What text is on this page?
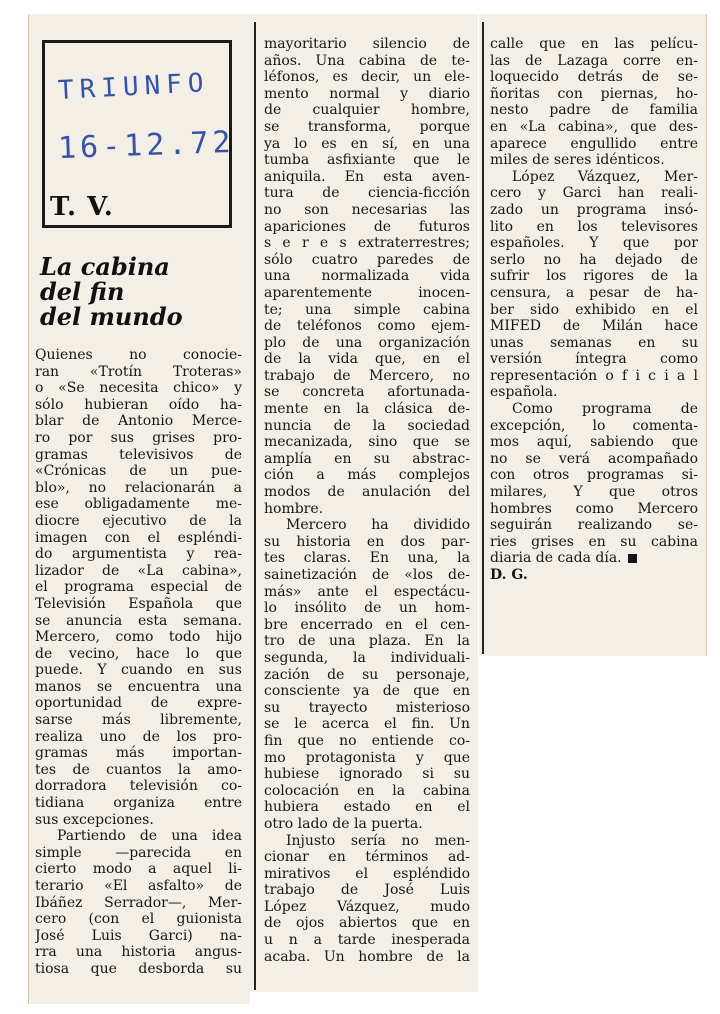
TRIUNFO
16-12.72
T. V.
La cabina
del fin
del mundo
Quienes no conocie-
ran «Trotín Troteras»
o «Se necesita chico» y
sólo hubieran oído ha-
blar de Antonio Merce-
ro por sus grises pro-
gramas televisivos de
«Crónicas de un pue-
blo», no relacionarán a
ese obligadamente me-
diocre ejecutivo de la
imagen con el espléndi-
do argumentista y rea-
lizador de «La cabina»,
el programa especial de
Televisión Española que
se anuncia esta semana.
Mercero, como todo hijo
de vecino, hace lo que
puede. Y cuando en sus
manos se encuentra una
oportunidad de expre-
sarse más libremente,
realiza uno de los pro-
gramas más importan-
tes de cuantos la amo-
dorradora televisión co-
tidiana organiza entre
sus excepciones.
Partiendo de una idea
simple —parecida en
cierto modo a aquel li-
terario «El asfalto» de
Ibáñez Serrador—, Mer-
cero (con el guionista
José Luis Garci) na-
rra una historia angus-
tiosa que desborda su
mayoritario silencio de
años. Una cabina de te-
léfonos, es decir, un ele-
mento normal y diario
de cualquier hombre,
se transforma, porque
ya lo es en sí, en una
tumba asfixiante que le
aniquila. En esta aven-
tura de ciencia-ficción
no son necesarias las
apariciones de futuros
s e r e s extraterrestres;
sólo cuatro paredes de
una normalizada vida
aparentemente inocen-
te; una simple cabina
de teléfonos como ejem-
plo de una organización
de la vida que, en el
trabajo de Mercero, no
se concreta afortunada-
mente en la clásica de-
nuncia de la sociedad
mecanizada, sino que se
amplía en su abstrac-
ción a más complejos
modos de anulación del
hombre.
Mercero ha dividido
su historia en dos par-
tes claras. En una, la
sainetización de «los de-
más» ante el espectácu-
lo insólito de un hom-
bre encerrado en el cen-
tro de una plaza. En la
segunda, la individuali-
zación de su personaje,
consciente ya de que en
su trayecto misterioso
se le acerca el fin. Un
fin que no entiende co-
mo protagonista y que
hubiese ignorado si su
colocación en la cabina
hubiera estado en el
otro lado de la puerta.
Injusto sería no men-
cionar en términos ad-
mirativos el espléndido
trabajo de José Luis
López Vázquez, mudo
de ojos abiertos que en
u n a tarde inesperada
acaba. Un hombre de la
calle que en las pelícu-
las de Lazaga corre en-
loquecido detrás de se-
ñoritas con piernas, ho-
nesto padre de familia
en «La cabina», que des-
aparece engullido entre
miles de seres idénticos.
López Vázquez, Mer-
cero y Garci han reali-
zado un programa insó-
lito en los televisores
españoles. Y que por
serlo no ha dejado de
sufrir los rigores de la
censura, a pesar de ha-
ber sido exhibido en el
MIFED de Milán hace
unas semanas en su
versión íntegra como
representación o f i c i a l
española.
Como programa de
excepción, lo comenta-
mos aquí, sabiendo que
no se verá acompañado
con otros programas si-
milares, Y que otros
hombres como Mercero
seguirán realizando se-
ries grises en su cabina
diaria de cada día.
D. G.
